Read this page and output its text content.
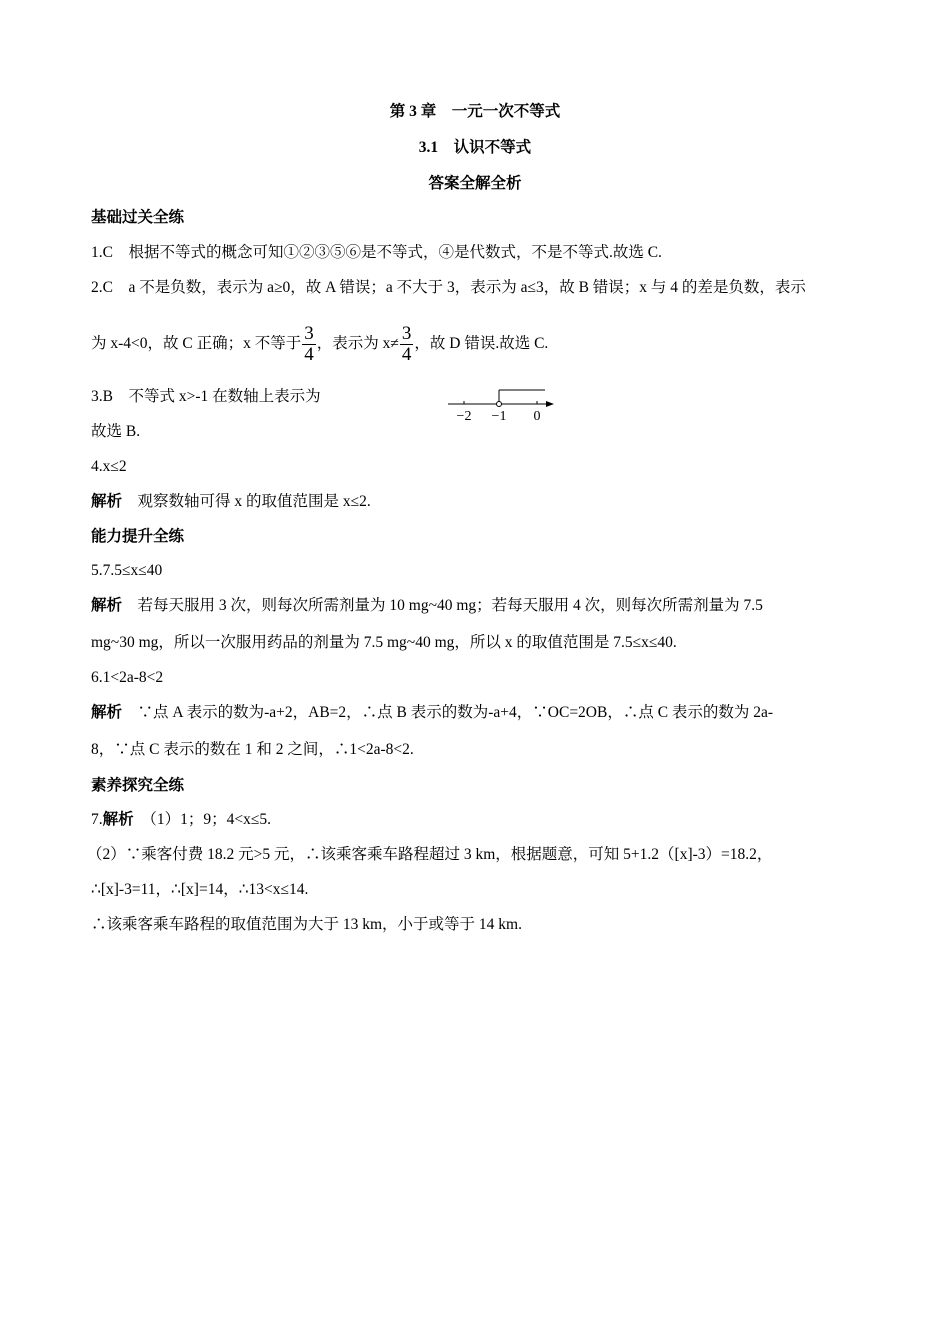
第 3 章　一元一次不等式
3.1　认识不等式
答案全解全析
基础过关全练
1.C　根据不等式的概念可知①②③⑤⑥是不等式，④是代数式，不是不等式.故选 C.
2.C　a 不是负数，表示为 a≥0，故 A 错误；a 不大于 3，表示为 a≤3，故 B 错误；x 与 4 的差是负数，表示
为 x-4<0，故 C 正确；x 不等于 $\frac{3}{4}$ ，表示为 $x\ne \frac{3}{4}$ ，故 D 错误.故选 C.
3.B　不等式 x>-1 在数轴上表示为
−2 −1 0
故选 B.
4.x≤2
解析　观察数轴可得 x 的取值范围是 x≤2.
能力提升全练
5.7.5≤x≤40
解析　若每天服用 3 次，则每次所需剂量为 10 mg~40 mg；若每天服用 4 次，则每次所需剂量为 7.5
mg~30 mg，所以一次服用药品的剂量为 7.5 mg~40 mg，所以 x 的取值范围是 7.5≤x≤40.
6.1<2a-8<2
解析　∵点 A 表示的数为-a+2，AB=2，∴点 B 表示的数为-a+4，∵OC=2OB，∴点 C 表示的数为 2a-
8，∵点 C 表示的数在 1 和 2 之间，∴1<2a-8<2.
素养探究全练
7.解析　（1）1；9；4<x≤5.
（2）∵乘客付费 18.2 元>5 元，∴该乘客乘车路程超过 3 km，根据题意，可知 5+1.2（[x]-3）=18.2，
∴[x]-3=11，∴[x]=14，∴13<x≤14.
∴该乘客乘车路程的取值范围为大于 13 km，小于或等于 14 km.
